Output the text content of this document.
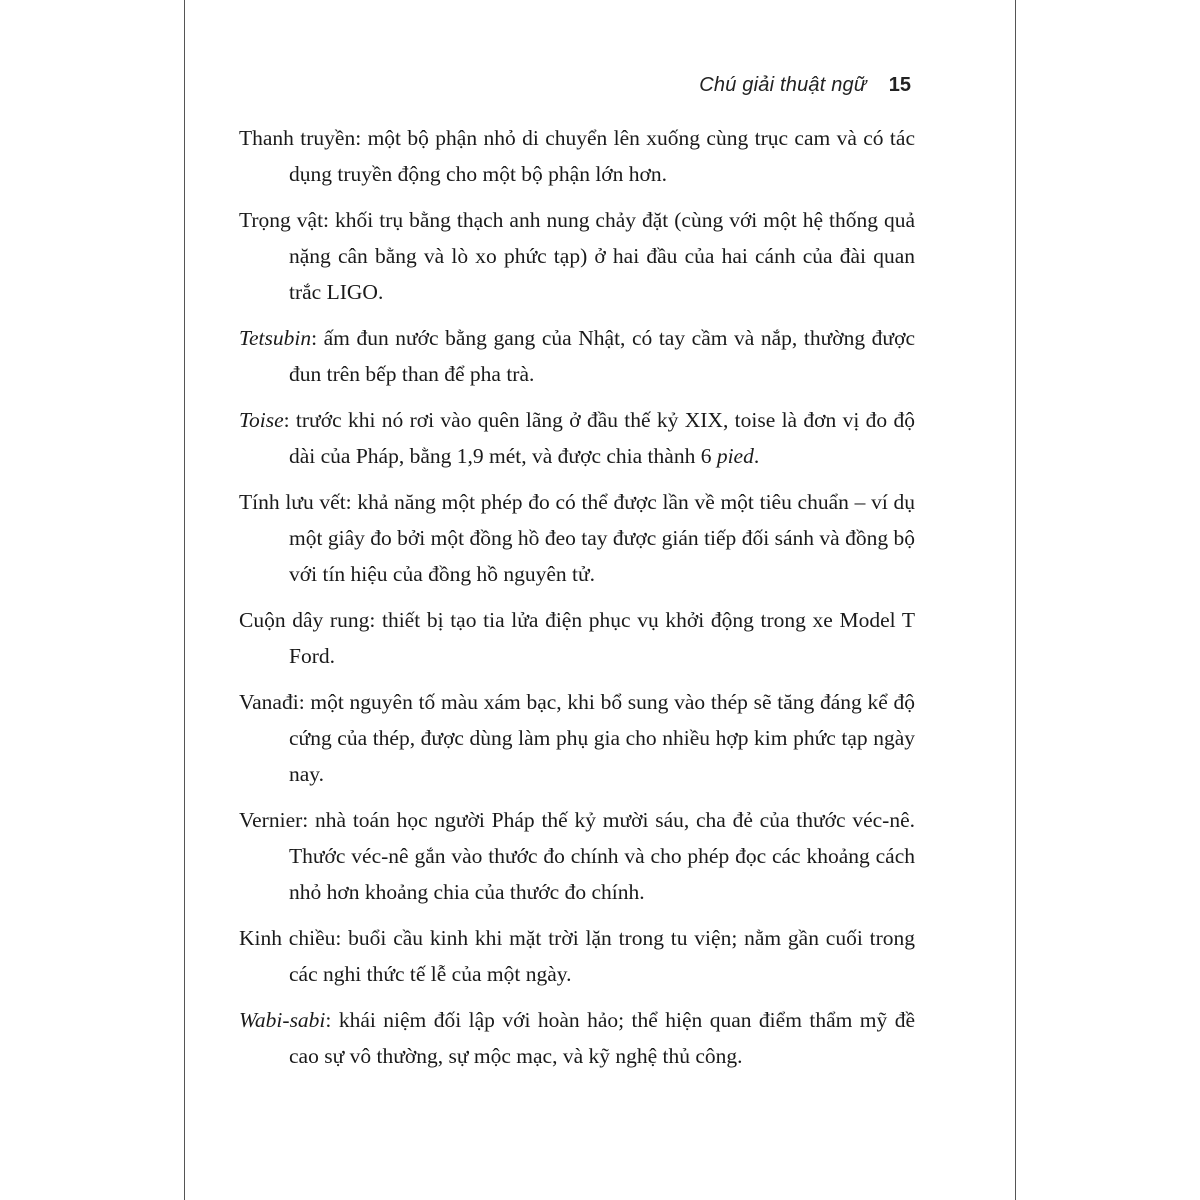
Chú giải thuật ngữ 15

Thanh truyền: một bộ phận nhỏ di chuyển lên xuống cùng trục cam và có tác dụng truyền động cho một bộ phận lớn hơn.

Trọng vật: khối trụ bằng thạch anh nung chảy đặt (cùng với một hệ thống quả nặng cân bằng và lò xo phức tạp) ở hai đầu của hai cánh của đài quan trắc LIGO.

Tetsubin: ấm đun nước bằng gang của Nhật, có tay cầm và nắp, thường được đun trên bếp than để pha trà.

Toise: trước khi nó rơi vào quên lãng ở đầu thế kỷ XIX, toise là đơn vị đo độ dài của Pháp, bằng 1,9 mét, và được chia thành 6 pied.

Tính lưu vết: khả năng một phép đo có thể được lần về một tiêu chuẩn – ví dụ một giây đo bởi một đồng hồ đeo tay được gián tiếp đối sánh và đồng bộ với tín hiệu của đồng hồ nguyên tử.

Cuộn dây rung: thiết bị tạo tia lửa điện phục vụ khởi động trong xe Model T Ford.

Vanađi: một nguyên tố màu xám bạc, khi bổ sung vào thép sẽ tăng đáng kể độ cứng của thép, được dùng làm phụ gia cho nhiều hợp kim phức tạp ngày nay.

Vernier: nhà toán học người Pháp thế kỷ mười sáu, cha đẻ của thước véc-nê. Thước véc-nê gắn vào thước đo chính và cho phép đọc các khoảng cách nhỏ hơn khoảng chia của thước đo chính.

Kinh chiều: buổi cầu kinh khi mặt trời lặn trong tu viện; nằm gần cuối trong các nghi thức tế lễ của một ngày.

Wabi-sabi: khái niệm đối lập với hoàn hảo; thể hiện quan điểm thẩm mỹ đề cao sự vô thường, sự mộc mạc, và kỹ nghệ thủ công.
